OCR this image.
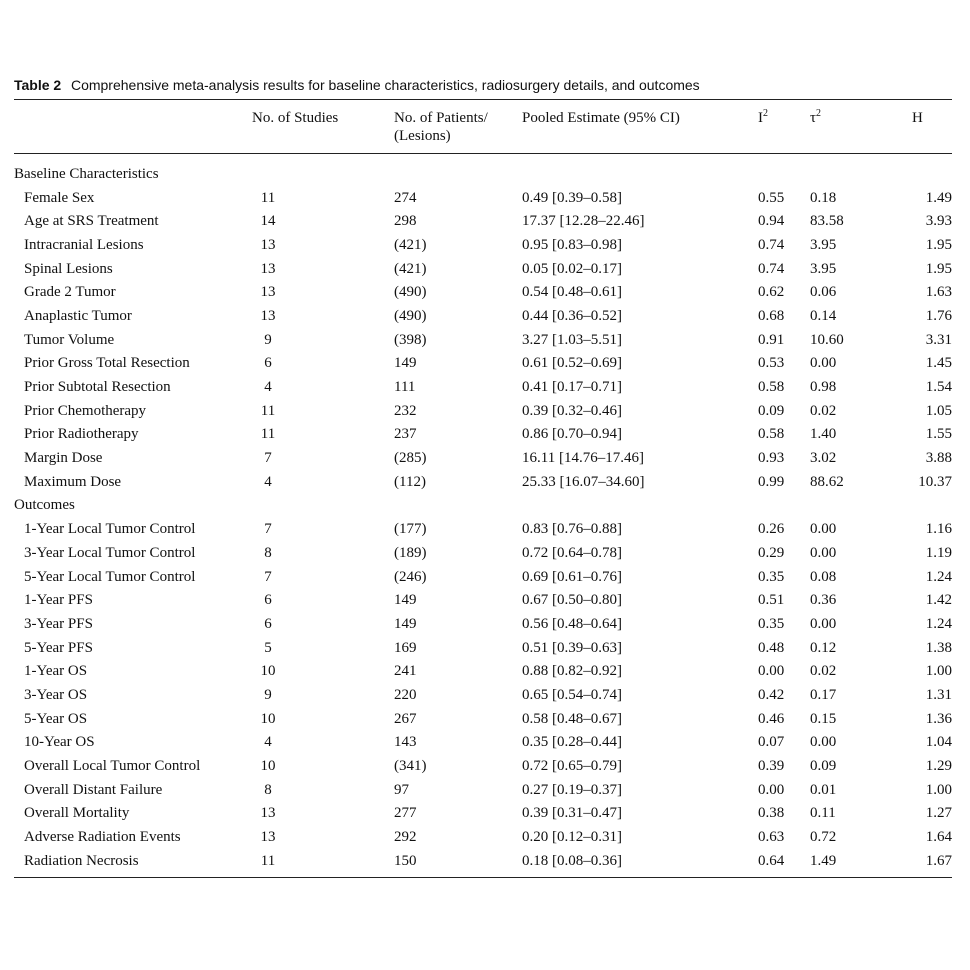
Table 2 Comprehensive meta-analysis results for baseline characteristics, radiosurgery details, and outcomes
	No. of Studies	No. of Patients/
(Lesions)	Pooled Estimate (95% CI)	$I^2$	$\tau^2$	H
Baseline Characteristics						
Female Sex	11	274	0.49 [0.39–0.58]	0.55	0.18	1.49
Age at SRS Treatment	14	298	17.37 [12.28–22.46]	0.94	83.58	3.93
Intracranial Lesions	13	(421)	0.95 [0.83–0.98]	0.74	3.95	1.95
Spinal Lesions	13	(421)	0.05 [0.02–0.17]	0.74	3.95	1.95
Grade 2 Tumor	13	(490)	0.54 [0.48–0.61]	0.62	0.06	1.63
Anaplastic Tumor	13	(490)	0.44 [0.36–0.52]	0.68	0.14	1.76
Tumor Volume	9	(398)	3.27 [1.03–5.51]	0.91	10.60	3.31
Prior Gross Total Resection	6	149	0.61 [0.52–0.69]	0.53	0.00	1.45
Prior Subtotal Resection	4	111	0.41 [0.17–0.71]	0.58	0.98	1.54
Prior Chemotherapy	11	232	0.39 [0.32–0.46]	0.09	0.02	1.05
Prior Radiotherapy	11	237	0.86 [0.70–0.94]	0.58	1.40	1.55
Margin Dose	7	(285)	16.11 [14.76–17.46]	0.93	3.02	3.88
Maximum Dose	4	(112)	25.33 [16.07–34.60]	0.99	88.62	10.37
Outcomes						
1-Year Local Tumor Control	7	(177)	0.83 [0.76–0.88]	0.26	0.00	1.16
3-Year Local Tumor Control	8	(189)	0.72 [0.64–0.78]	0.29	0.00	1.19
5-Year Local Tumor Control	7	(246)	0.69 [0.61–0.76]	0.35	0.08	1.24
1-Year PFS	6	149	0.67 [0.50–0.80]	0.51	0.36	1.42
3-Year PFS	6	149	0.56 [0.48–0.64]	0.35	0.00	1.24
5-Year PFS	5	169	0.51 [0.39–0.63]	0.48	0.12	1.38
1-Year OS	10	241	0.88 [0.82–0.92]	0.00	0.02	1.00
3-Year OS	9	220	0.65 [0.54–0.74]	0.42	0.17	1.31
5-Year OS	10	267	0.58 [0.48–0.67]	0.46	0.15	1.36
10-Year OS	4	143	0.35 [0.28–0.44]	0.07	0.00	1.04
Overall Local Tumor Control	10	(341)	0.72 [0.65–0.79]	0.39	0.09	1.29
Overall Distant Failure	8	97	0.27 [0.19–0.37]	0.00	0.01	1.00
Overall Mortality	13	277	0.39 [0.31–0.47]	0.38	0.11	1.27
Adverse Radiation Events	13	292	0.20 [0.12–0.31]	0.63	0.72	1.64
Radiation Necrosis	11	150	0.18 [0.08–0.36]	0.64	1.49	1.67
